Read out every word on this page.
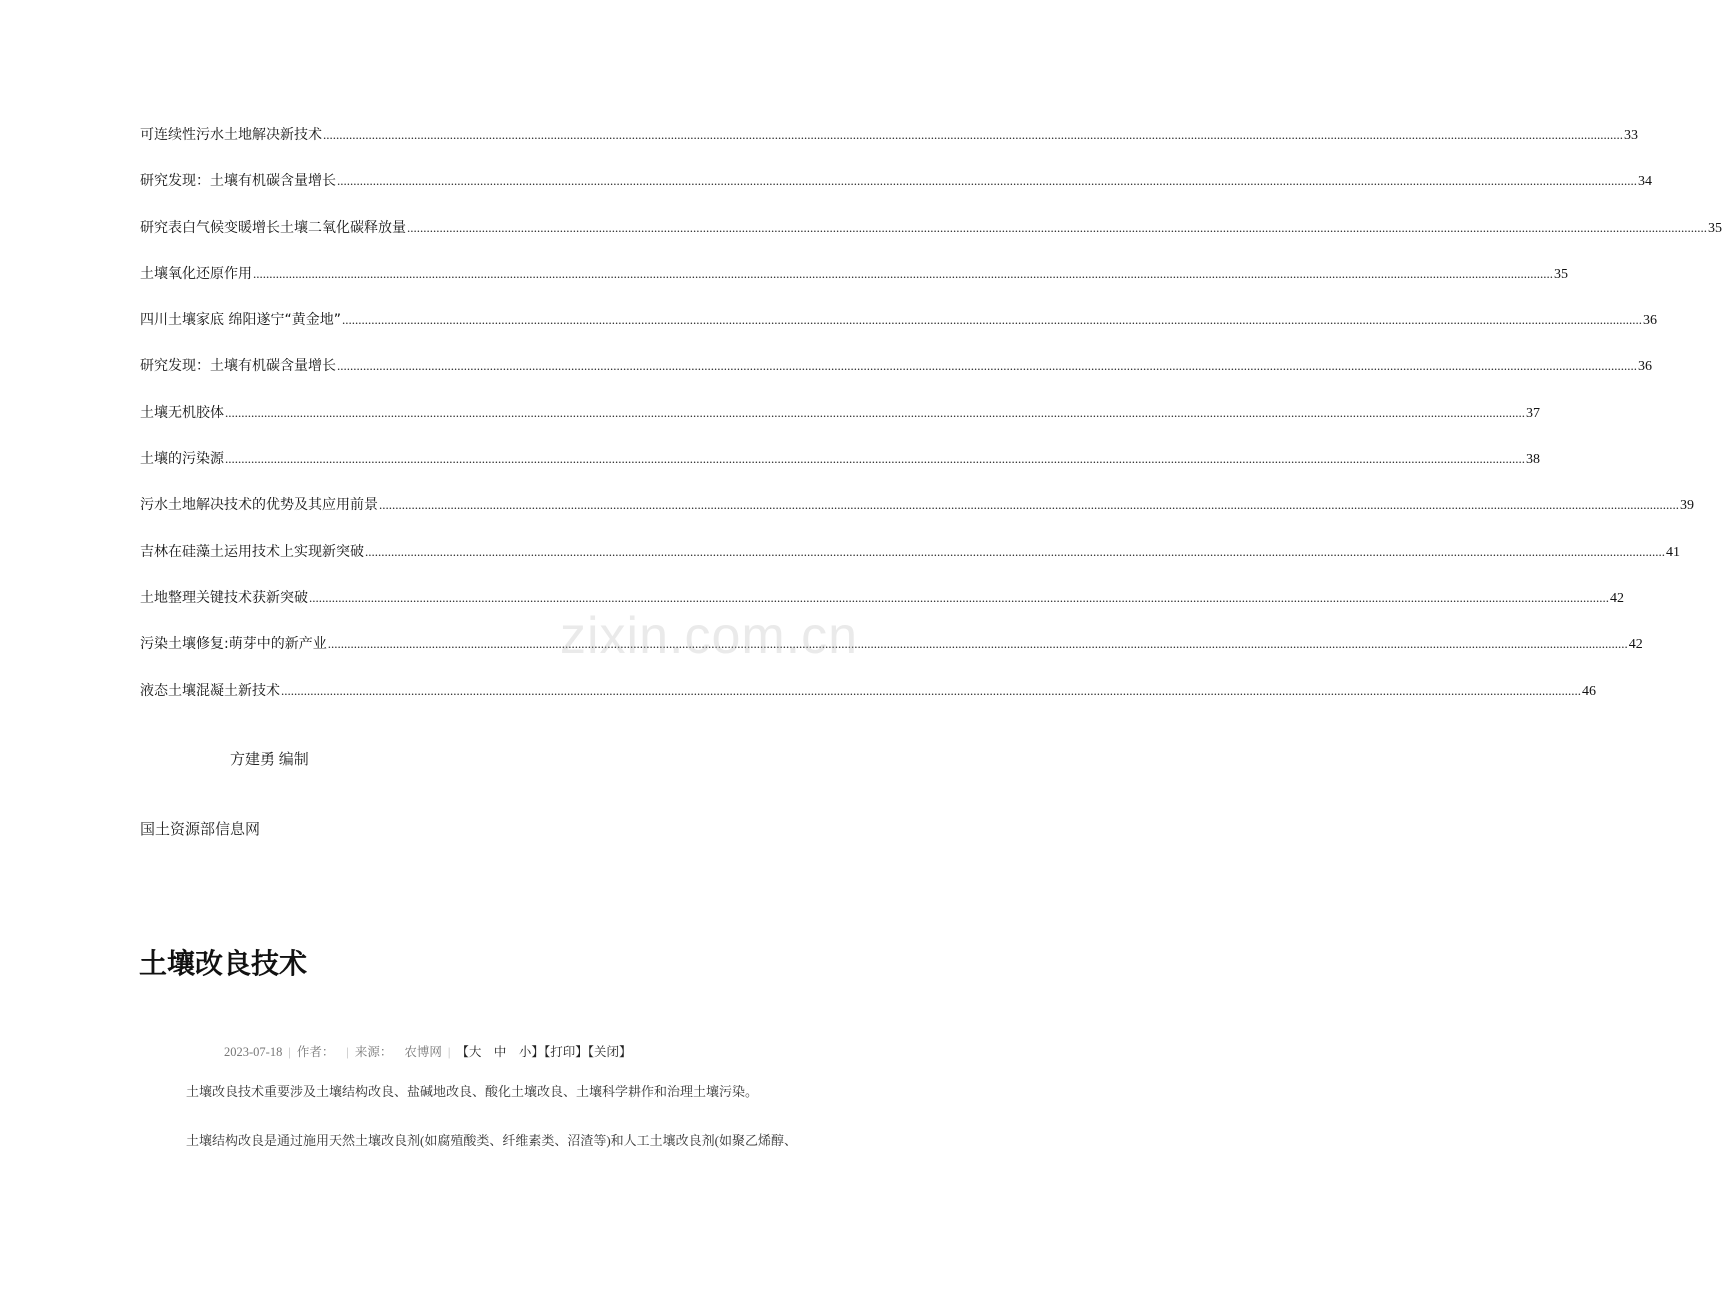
可连续性污水土地解决新技术 ................................................................................................................................................................................................................................................................................................................................................................................................................ 33
研究发现：土壤有机碳含量增长 ................................................................................................................................................................................................................................................................................................................................................................................................................ 34
研究表白气候变暖增长土壤二氧化碳释放量 ................................................................................................................................................................................................................................................................................................................................................................................................................ 35
土壤氧化还原作用 ................................................................................................................................................................................................................................................................................................................................................................................................................ 35
四川土壤家底 绵阳遂宁“黄金地” ................................................................................................................................................................................................................................................................................................................................................................................................................ 36
研究发现：土壤有机碳含量增长 ................................................................................................................................................................................................................................................................................................................................................................................................................ 36
土壤无机胶体 ................................................................................................................................................................................................................................................................................................................................................................................................................ 37
土壤的污染源 ................................................................................................................................................................................................................................................................................................................................................................................................................ 38
污水土地解决技术的优势及其应用前景 ................................................................................................................................................................................................................................................................................................................................................................................................................ 39
吉林在硅藻土运用技术上实现新突破 ................................................................................................................................................................................................................................................................................................................................................................................................................ 41
土地整理关键技术获新突破 ................................................................................................................................................................................................................................................................................................................................................................................................................ 42
污染土壤修复:萌芽中的新产业 ................................................................................................................................................................................................................................................................................................................................................................................................................ 42
液态土壤混凝土新技术 ................................................................................................................................................................................................................................................................................................................................................................................................................ 46
zixin.com.cn
方建勇 编制
国土资源部信息网
土壤改良技术
2023-07-18 | 作者： | 来源： 农博网 | 【大　中　小】【打印】【关闭】

土壤改良技术重要涉及土壤结构改良、盐碱地改良、酸化土壤改良、土壤科学耕作和治理土壤污染。

土壤结构改良是通过施用天然土壤改良剂(如腐殖酸类、纤维素类、沼渣等)和人工土壤改良剂(如聚乙烯醇、
